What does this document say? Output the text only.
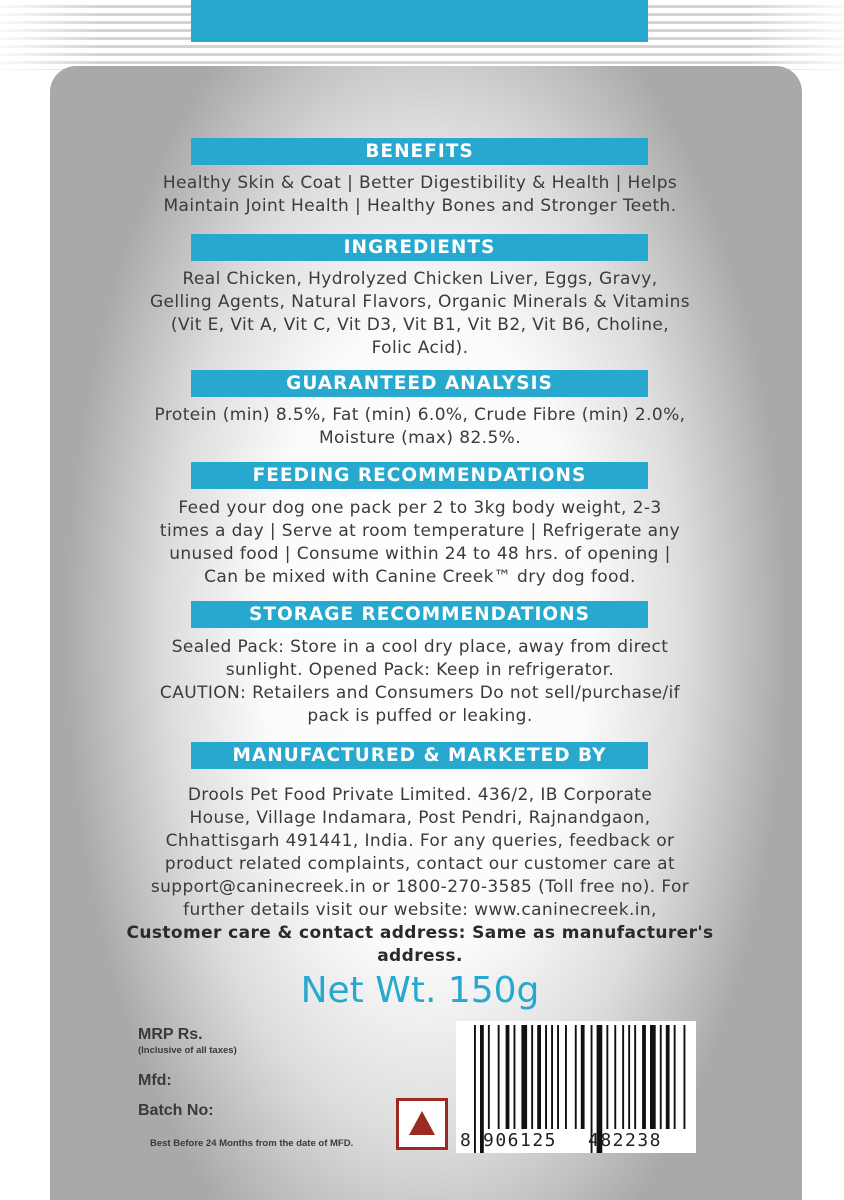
BENEFITS
Healthy Skin & Coat | Better Digestibility & Health | Helps
Maintain Joint Health | Healthy Bones and Stronger Teeth.
INGREDIENTS
Real Chicken, Hydrolyzed Chicken Liver, Eggs, Gravy,
Gelling Agents, Natural Flavors, Organic Minerals & Vitamins
(Vit E, Vit A, Vit C, Vit D3, Vit B1, Vit B2, Vit B6, Choline,
Folic Acid).
GUARANTEED ANALYSIS
Protein (min) 8.5%, Fat (min) 6.0%, Crude Fibre (min) 2.0%,
Moisture (max) 82.5%.
FEEDING RECOMMENDATIONS
Feed your dog one pack per 2 to 3kg body weight, 2-3
times a day | Serve at room temperature | Refrigerate any
unused food | Consume within 24 to 48 hrs. of opening |
Can be mixed with Canine Creek™ dry dog food.
STORAGE RECOMMENDATIONS
Sealed Pack: Store in a cool dry place, away from direct
sunlight. Opened Pack: Keep in refrigerator.
CAUTION: Retailers and Consumers Do not sell/purchase/if
pack is puffed or leaking.
MANUFACTURED & MARKETED BY
Drools Pet Food Private Limited. 436/2, IB Corporate
House, Village Indamara, Post Pendri, Rajnandgaon,
Chhattisgarh 491441, India. For any queries, feedback or
product related complaints, contact our customer care at
support@caninecreek.in or 1800-270-3585 (Toll free no). For
further details visit our website: www.caninecreek.in,
Customer care & contact address: Same as manufacturer's
address.
Net Wt. 150g
MRP Rs.
(Inclusive of all taxes)
Mfd:
Batch No:
Best Before 24 Months from the date of MFD.	8 906125 482238
